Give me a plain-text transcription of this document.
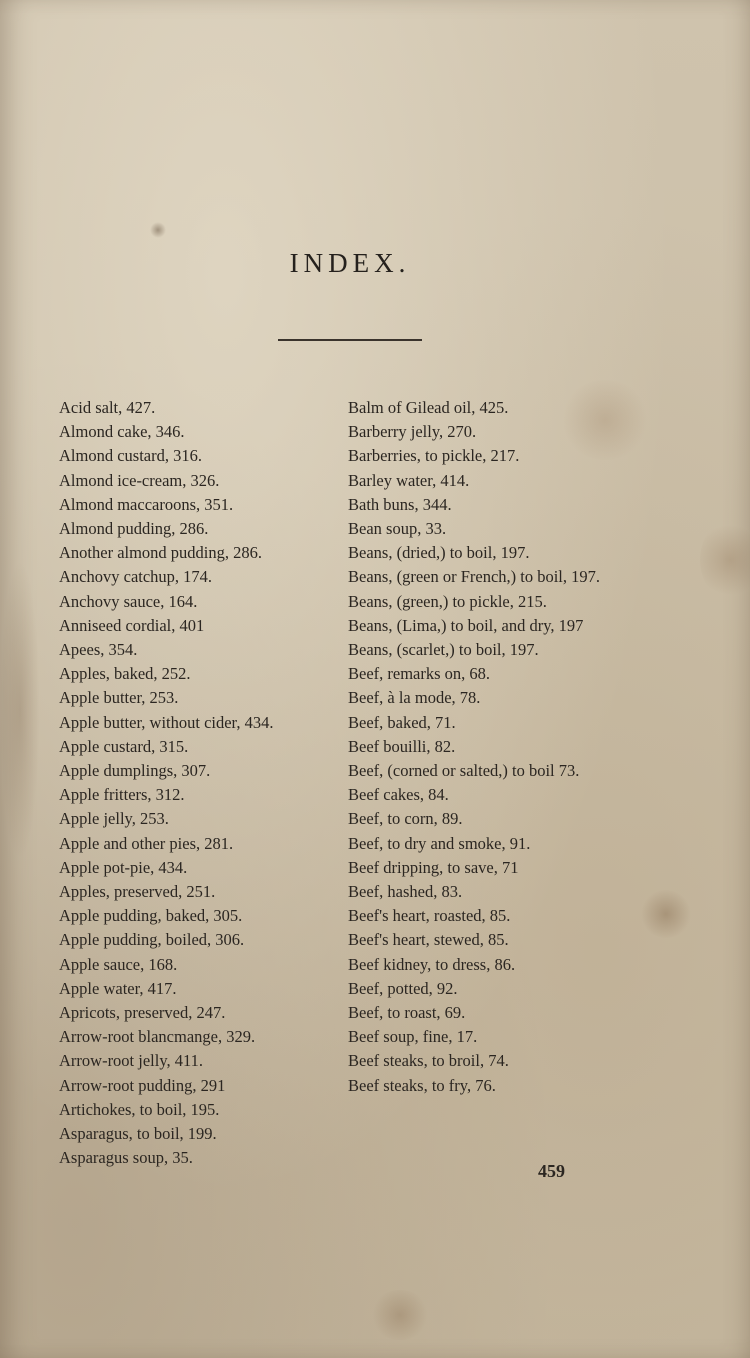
INDEX.
Acid salt, 427.
Almond cake, 346.
Almond custard, 316.
Almond ice-cream, 326.
Almond maccaroons, 351.
Almond pudding, 286.
Another almond pudding, 286.
Anchovy catchup, 174.
Anchovy sauce, 164.
Anniseed cordial, 401
Apees, 354.
Apples, baked, 252.
Apple butter, 253.
Apple butter, without cider, 434.
Apple custard, 315.
Apple dumplings, 307.
Apple fritters, 312.
Apple jelly, 253.
Apple and other pies, 281.
Apple pot-pie, 434.
Apples, preserved, 251.
Apple pudding, baked, 305.
Apple pudding, boiled, 306.
Apple sauce, 168.
Apple water, 417.
Apricots, preserved, 247.
Arrow-root blancmange, 329.
Arrow-root jelly, 411.
Arrow-root pudding, 291
Artichokes, to boil, 195.
Asparagus, to boil, 199.
Asparagus soup, 35.
Balm of Gilead oil, 425.
Barberry jelly, 270.
Barberries, to pickle, 217.
Barley water, 414.
Bath buns, 344.
Bean soup, 33.
Beans, (dried,) to boil, 197.
Beans, (green or French,) to boil, 197.
Beans, (green,) to pickle, 215.
Beans, (Lima,) to boil, and dry, 197
Beans, (scarlet,) to boil, 197.
Beef, remarks on, 68.
Beef, à la mode, 78.
Beef, baked, 71.
Beef bouilli, 82.
Beef, (corned or salted,) to boil 73.
Beef cakes, 84.
Beef, to corn, 89.
Beef, to dry and smoke, 91.
Beef dripping, to save, 71
Beef, hashed, 83.
Beef's heart, roasted, 85.
Beef's heart, stewed, 85.
Beef kidney, to dress, 86.
Beef, potted, 92.
Beef, to roast, 69.
Beef soup, fine, 17.
Beef steaks, to broil, 74.
Beef steaks, to fry, 76.
459
